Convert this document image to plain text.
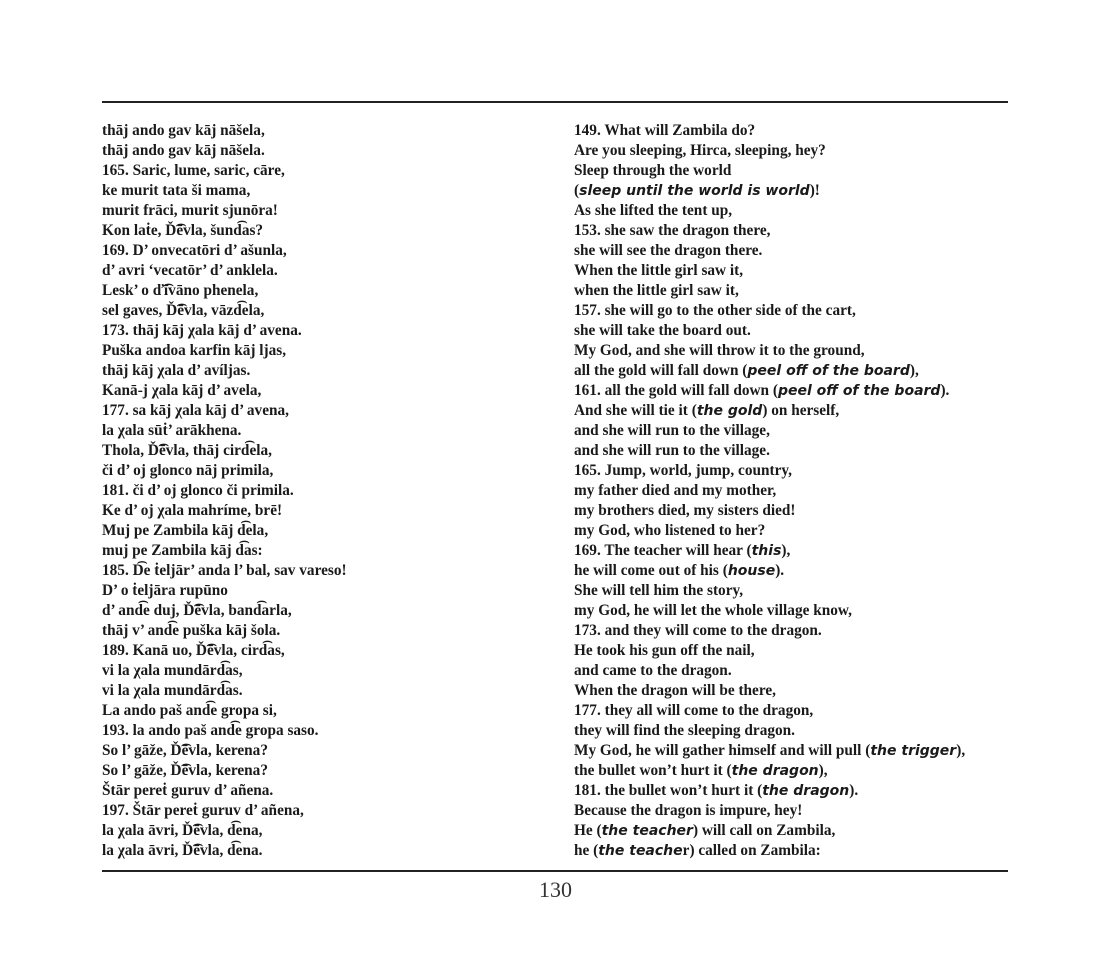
thāj ando gav kāj nāšela,
thāj ando gav kāj nāšela.
165. Saric, lume, saric, cāre,
ke murit tata ši mama,
murit frāci, murit sjunōra!
Kon laṫe, Ď͡ēvla, šund͡as?
169. D’ onvecatōri d’ ašunla,
d’ avri ‘vecatōr’ d’ anklela.
Lesk’ o ď͡īvāno phenela,
sel gaves, Ď͡ēvla, vāzd͡ela,
173. thāj kāj χala kāj d’ avena.
Puška andoa karfin kāj ljas,
thāj kāj χala d’ avíljas.
Kanā-j χala kāj d’ avela,
177. sa kāj χala kāj d’ avena,
la χala sūṫ’ arākhena.
Thola, Ď͡ēvla, thāj cird͡ela,
či d’ oj glonco nāj primila,
181. či d’ oj glonco či primila.
Ke d’ oj χala mahríme, brē!
Muj pe Zambila kāj d͡ela,
muj pe Zambila kāj d͡as:
185. D͡e ṫeljār’ anda l’ bal, sav vareso!
D’ o ṫeljāra rupūno
d’ and͡e duj, Ď͡ēvla, band͡arla,
thāj v’ and͡e puška kāj šola.
189. Kanā uo, Ď͡ēvla, cird͡as,
vi la χala mundārd͡as,
vi la χala mundārd͡as.
La ando paš and͡e gropa si,
193. la ando paš and͡e gropa saso.
So l’ gāže, Ď͡ēvla, kerena?
So l’ gāže, Ď͡ēvla, kerena?
Štār pereṫ guruv d’ añena.
197. Štār pereṫ guruv d’ añena,
la χala āvri, Ď͡ēvla, d͡ena,
la χala āvri, Ď͡ēvla, d͡ena.
149. What will Zambila do?
Are you sleeping, Hirca, sleeping, hey?
Sleep through the world
(sleep until the world is world)!
As she lifted the tent up,
153. she saw the dragon there,
she will see the dragon there.
When the little girl saw it,
when the little girl saw it,
157. she will go to the other side of the cart,
she will take the board out.
My God, and she will throw it to the ground,
all the gold will fall down (peel off of the board),
161. all the gold will fall down (peel off of the board).
And she will tie it (the gold) on herself,
and she will run to the village,
and she will run to the village.
165. Jump, world, jump, country,
my father died and my mother,
my brothers died, my sisters died!
my God, who listened to her?
169. The teacher will hear (this),
he will come out of his (house).
She will tell him the story,
my God, he will let the whole village know,
173. and they will come to the dragon.
He took his gun off the nail,
and came to the dragon.
When the dragon will be there,
177. they all will come to the dragon,
they will find the sleeping dragon.
My God, he will gather himself and will pull (the trigger),
the bullet won’t hurt it (the dragon),
181. the bullet won’t hurt it (the dragon).
Because the dragon is impure, hey!
He (the teacher) will call on Zambila,
he (the teacher) called on Zambila:
130
